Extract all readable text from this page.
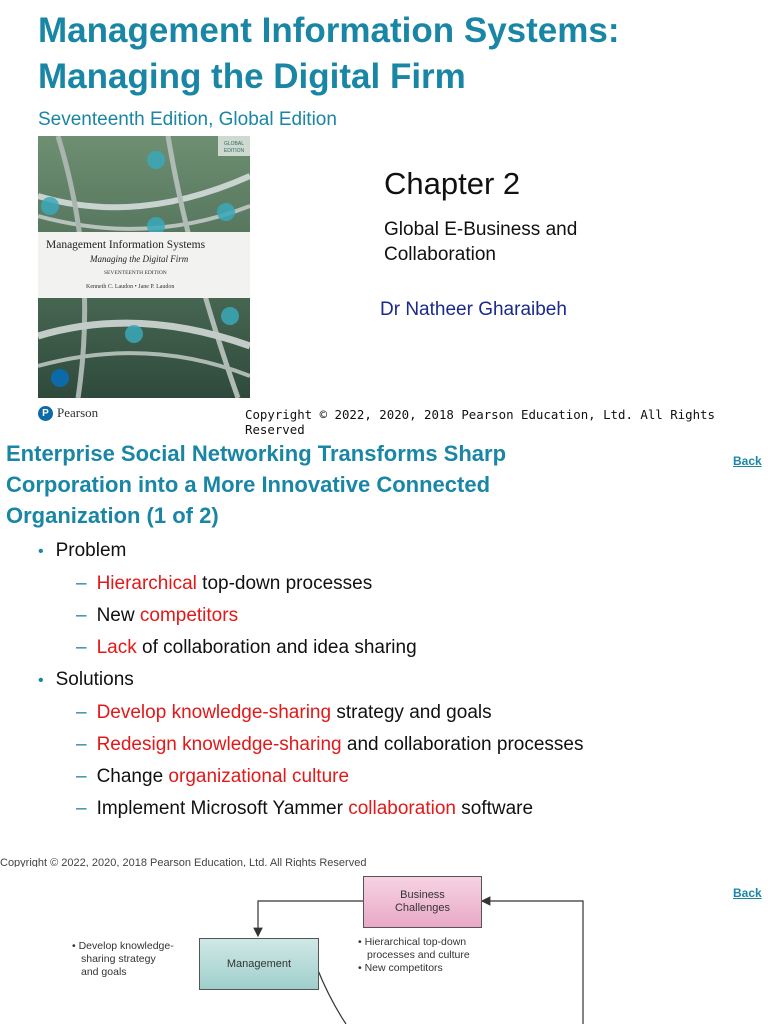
Management Information Systems:
Managing the Digital Firm
Seventeenth Edition, Global Edition
Management Information Systems
Managing the Digital Firm
SEVENTEENTH EDITION
Kenneth C. Laudon • Jane P. Laudon
GLOBAL
EDITION
Chapter 2
Global E-Business and
Collaboration
Dr Natheer Gharaibeh
P Pearson	Copyright © 2022, 2020, 2018 Pearson Education, Ltd. All Rights Reserved
Enterprise Social Networking Transforms Sharp
Corporation into a More Innovative Connected
Organization (1 of 2)
Back
• Problem
– Hierarchical top-down processes
– New competitors
– Lack of collaboration and idea sharing
• Solutions
– Develop knowledge-sharing strategy and goals
– Redesign knowledge-sharing and collaboration processes
– Change organizational culture
– Implement Microsoft Yammer collaboration software
Copyright © 2022, 2020, 2018 Pearson Education, Ltd. All Rights Reserved
Back
Business
Challenges
Management
• Develop knowledge-
sharing strategy
and goals
• Hierarchical top-down
processes and culture
• New competitors
